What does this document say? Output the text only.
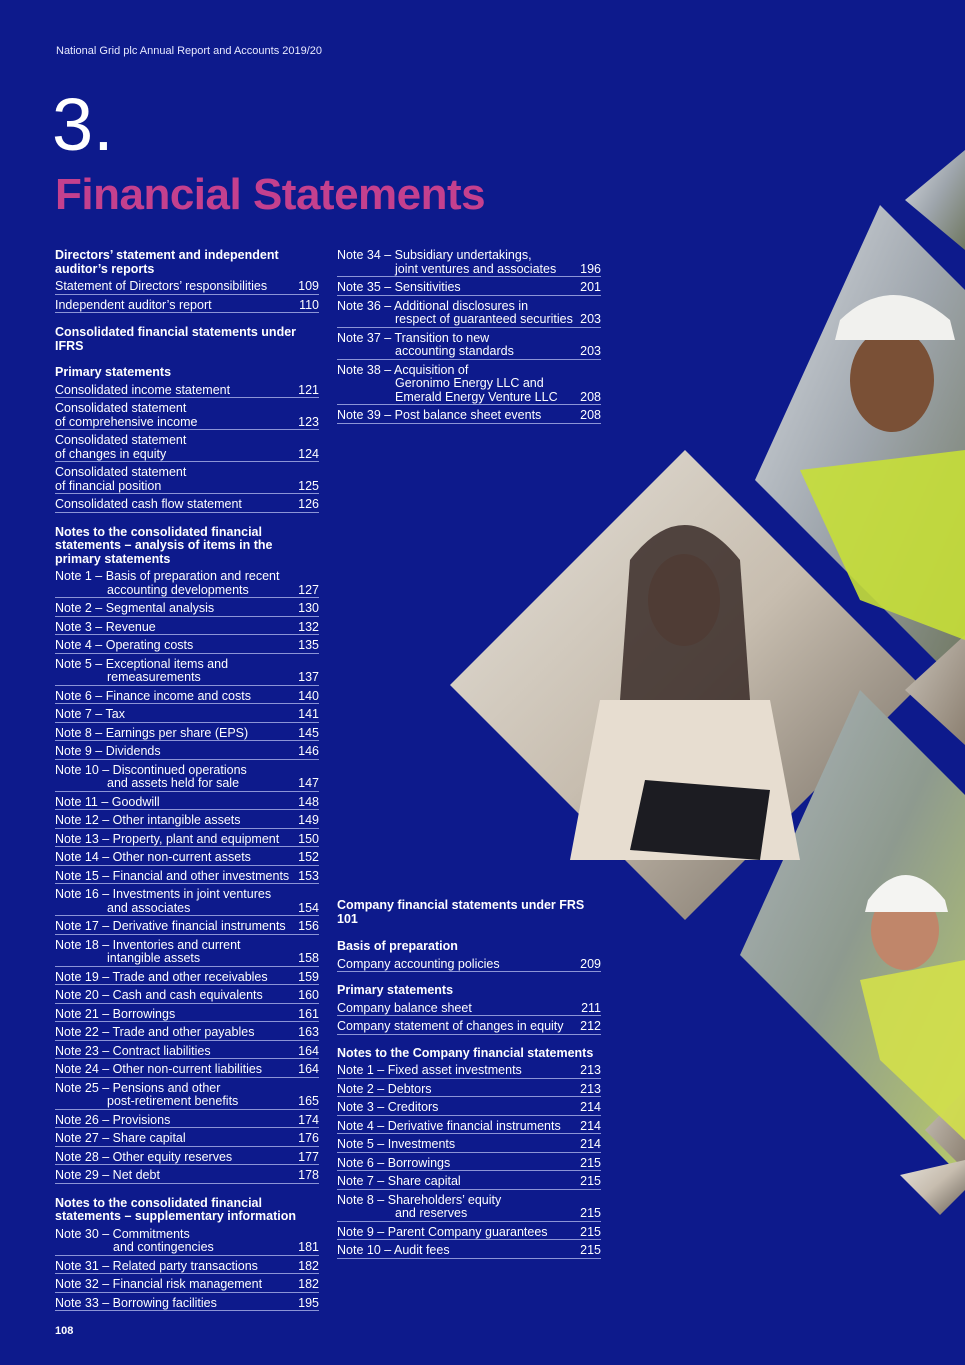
National Grid plc Annual Report and Accounts 2019/20
3.
Financial Statements
Directors’ statement and independent auditor’s reports
Statement of Directors’ responsibilities	109
Independent auditor’s report	110
Consolidated financial statements under IFRS
Primary statements
Consolidated income statement	121
Consolidated statement
of comprehensive income	123
Consolidated statement
of changes in equity	124
Consolidated statement
of financial position	125
Consolidated cash flow statement	126
Notes to the consolidated financial statements – analysis of items in the primary statements
Note 1 – Basis of preparation and recent
accounting developments	127
Note 2 – Segmental analysis	130
Note 3 – Revenue	132
Note 4 – Operating costs	135
Note 5 – Exceptional items and
remeasurements	137
Note 6 – Finance income and costs	140
Note 7 – Tax	141
Note 8 – Earnings per share (EPS)	145
Note 9 – Dividends	146
Note 10 – Discontinued operations
and assets held for sale	147
Note 11 – Goodwill	148
Note 12 – Other intangible assets	149
Note 13 – Property, plant and equipment	150
Note 14 – Other non-current assets	152
Note 15 – Financial and other investments 153
Note 16 – Investments in joint ventures
and associates	154
Note 17 – Derivative financial instruments 156
Note 18 – Inventories and current
intangible assets	158
Note 19 – Trade and other receivables	159
Note 20 – Cash and cash equivalents	160
Note 21 – Borrowings	161
Note 22 – Trade and other payables	163
Note 23 – Contract liabilities	164
Note 24 – Other non-current liabilities	164
Note 25 – Pensions and other
post-retirement benefits	165
Note 26 – Provisions	174
Note 27 – Share capital	176
Note 28 – Other equity reserves	177
Note 29 – Net debt	178
Notes to the consolidated financial statements – supplementary information
Note 30 – Commitments
and contingencies	181
Note 31 – Related party transactions	182
Note 32 – Financial risk management	182
Note 33 – Borrowing facilities	195
Note 34 – Subsidiary undertakings,
joint ventures and associates	196
Note 35 – Sensitivities	201
Note 36 – Additional disclosures in
respect of guaranteed securities 203
Note 37 – Transition to new
accounting standards	203
Note 38 – Acquisition of
Geronimo Energy LLC and
Emerald Energy Venture LLC	208
Note 39 – Post balance sheet events	208
Company financial statements under FRS 101
Basis of preparation
Company accounting policies	209
Primary statements
Company balance sheet	211
Company statement of changes in equity	212
Notes to the Company financial statements
Note 1 – Fixed asset investments	213
Note 2 – Debtors	213
Note 3 – Creditors	214
Note 4 – Derivative financial instruments	214
Note 5 – Investments	214
Note 6 – Borrowings	215
Note 7 – Share capital	215
Note 8 – Shareholders’ equity
and reserves	215
Note 9 – Parent Company guarantees	215
Note 10 – Audit fees	215
108
